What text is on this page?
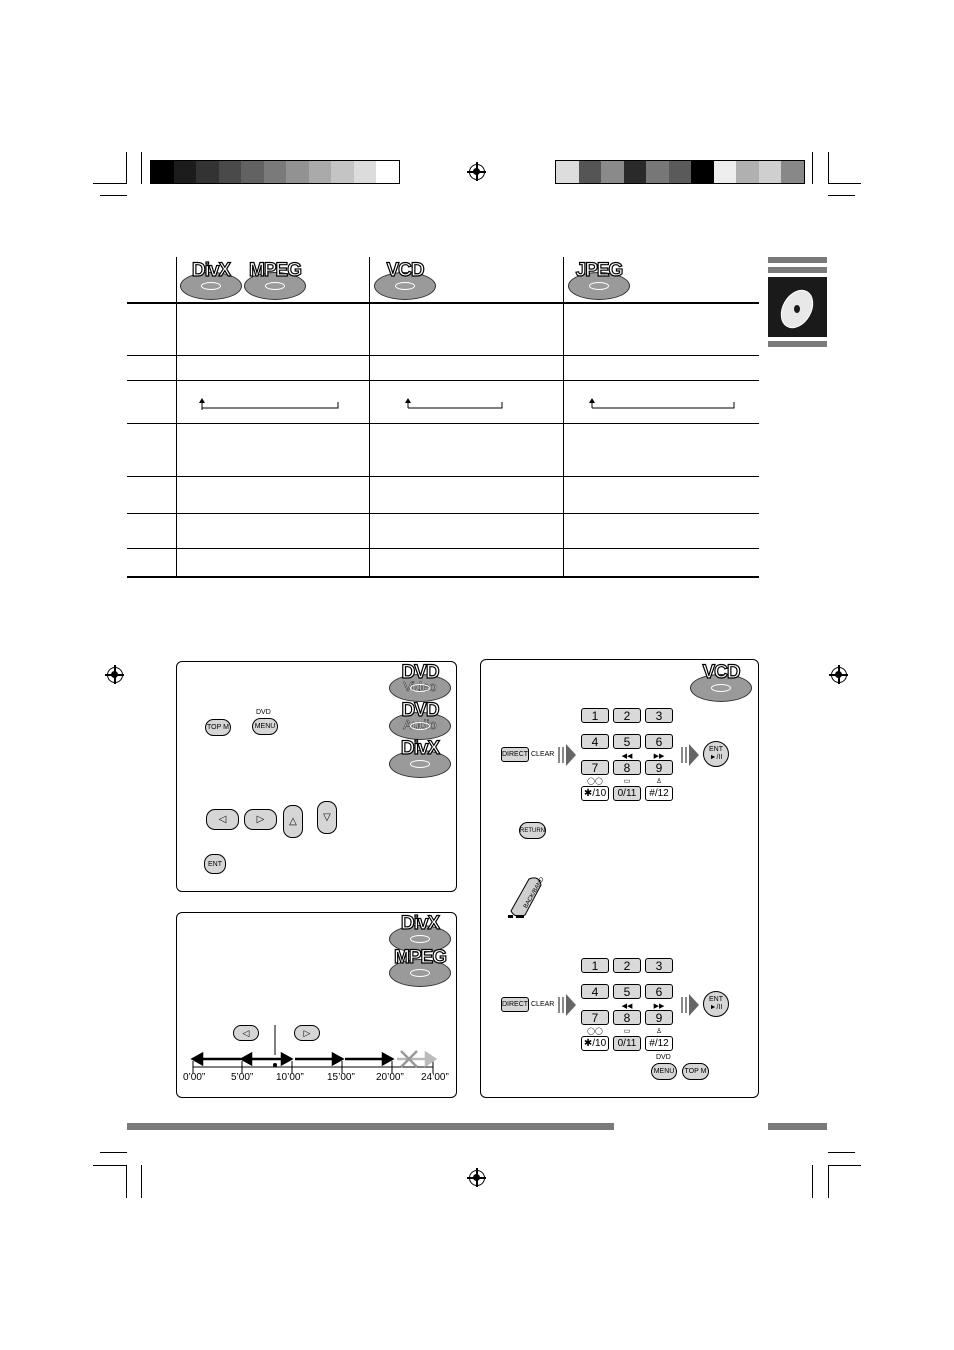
DivX MPEG	VCD	JPEG
DVD
Video
DVD
Audio
DivX
TOP M
DVD
MENU
◁	▷	△	▽
ENT
DivX
MPEG
◁	▷
0’00”	5’00” 10’00” 15’00” 20’00” 24’00”
VCD
DIRECT CLEAR
1	2	3
4	5	6
◀◀	▶▶
7	8	9
◯◯	▭	♙
✱/10	0/11	#/12
ENT
►/II
RETURN
BACK/BAND
DIRECT CLEAR
1	2	3
4	5	6
◀◀	▶▶
7	8	9
◯◯	▭	♙
✱/10	0/11	#/12
ENT
►/II
DVD
MENU	TOP M
